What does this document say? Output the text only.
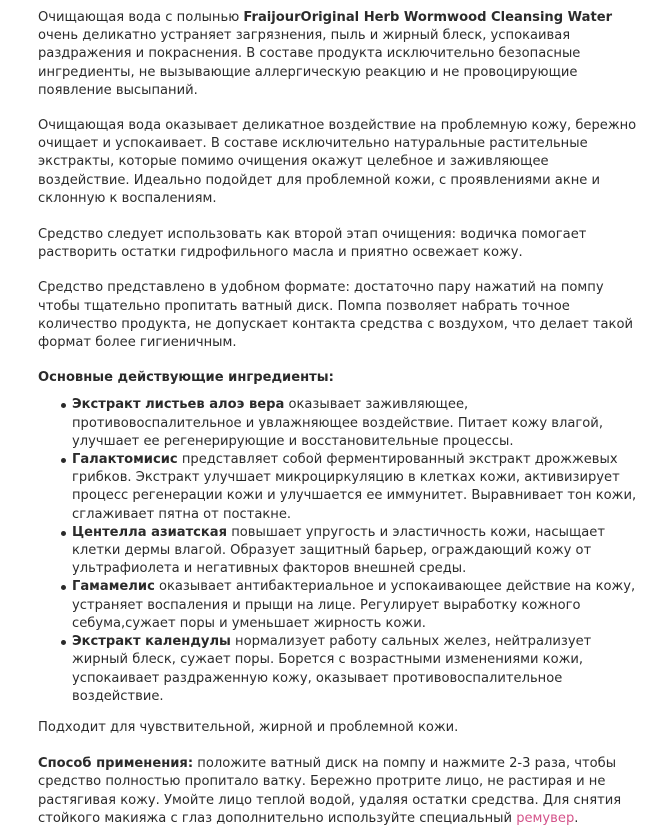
Очищающая вода с полынью FraijourOriginal Herb Wormwood Cleansing Water очень деликатно устраняет загрязнения, пыль и жирный блеск, успокаивая раздражения и покраснения. В составе продукта исключительно безопасные ингредиенты, не вызывающие аллергическую реакцию и не провоцирующие появление высыпаний.

Очищающая вода оказывает деликатное воздействие на проблемную кожу, бережно очищает и успокаивает. В составе исключительно натуральные растительные экстракты, которые помимо очищения окажут целебное и заживляющее воздействие. Идеально подойдет для проблемной кожи, с проявлениями акне и склонную к воспалениям.

Средство следует использовать как второй этап очищения: водичка помогает растворить остатки гидрофильного масла и приятно освежает кожу.

Средство представлено в удобном формате: достаточно пару нажатий на помпу
чтобы тщательно пропитать ватный диск. Помпа позволяет набрать точное количество продукта, не допускает контакта средства с воздухом, что делает такой формат более гигиеничным.

Основные действующие ингредиенты:

Экстракт листьев алоэ вера оказывает заживляющее, противовоспалительное и увлажняющее воздействие. Питает кожу влагой, улучшает ее регенерирующие и восстановительные процессы.
Галактомисис представляет собой ферментированный экстракт дрожжевых
грибков. Экстракт улучшает микроциркуляцию в клетках кожи, активизирует процесс регенерации кожи и улучшается ее иммунитет. Выравнивает тон кожи, сглаживает пятна от постакне.
Центелла азиатская повышает упругость и эластичность кожи, насыщает клетки дермы влагой. Образует защитный барьер, ограждающий кожу от ультрафиолета и негативных факторов внешней среды.
Гамамелис оказывает антибактериальное и успокаивающее действие на кожу, устраняет воспаления и прыщи на лице. Регулирует выработку кожного себума,сужает поры и уменьшает жирность кожи.
Экстракт календулы нормализует работу сальных желез, нейтрализует жирный блеск, сужает поры. Борется с возрастными изменениями кожи, успокаивает раздраженную кожу, оказывает противовоспалительное воздействие.

Подходит для чувствительной, жирной и проблемной кожи.

Способ применения: положите ватный диск на помпу и нажмите 2-3 раза, чтобы средство полностью пропитало ватку. Бережно протрите лицо, не растирая и не растягивая кожу. Умойте лицо теплой водой, удаляя остатки средства. Для снятия стойкого макияжа с глаз дополнительно используйте специальный ремувер.
